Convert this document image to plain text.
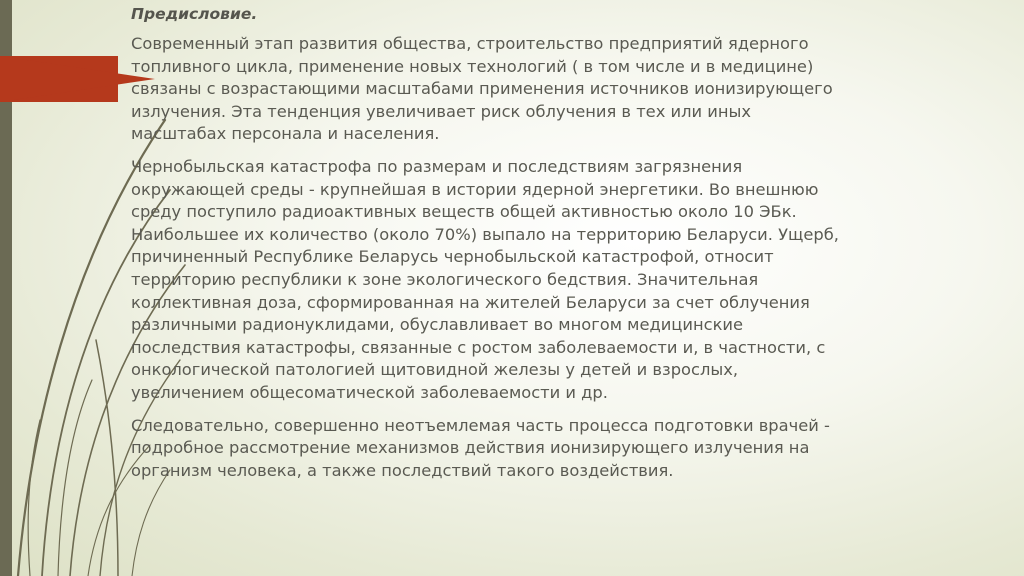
Предисловие.

Современный этап развития общества, строительство предприятий ядерного топливного цикла, применение новых технологий ( в том числе и в медицине) связаны с возрастающими масштабами применения источников ионизирующего излучения. Эта тенденция увеличивает риск облучения в тех или иных масштабах персонала и населения.

Чернобыльская катастрофа по размерам и последствиям загрязнения окружающей среды - крупнейшая в истории ядерной энергетики. Во внешнюю среду поступило радиоактивных веществ общей активностью около 10 ЭБк. Наибольшее их количество (около 70%) выпало на территорию Беларуси. Ущерб, причиненный Республике Беларусь чернобыльской катастрофой, относит территорию республики к зоне экологического бедствия. Значительная коллективная доза, сформированная на жителей Беларуси за счет облучения различными радионуклидами, обуславливает во многом медицинские последствия катастрофы, связанные с ростом заболеваемости и, в частности, с онкологической патологией щитовидной железы у детей и взрослых, увеличением общесоматической заболеваемости и др.

Следовательно, совершенно неотъемлемая часть процесса подготовки врачей - подробное рассмотрение механизмов действия ионизирующего излучения на организм человека, а также последствий такого воздействия.
